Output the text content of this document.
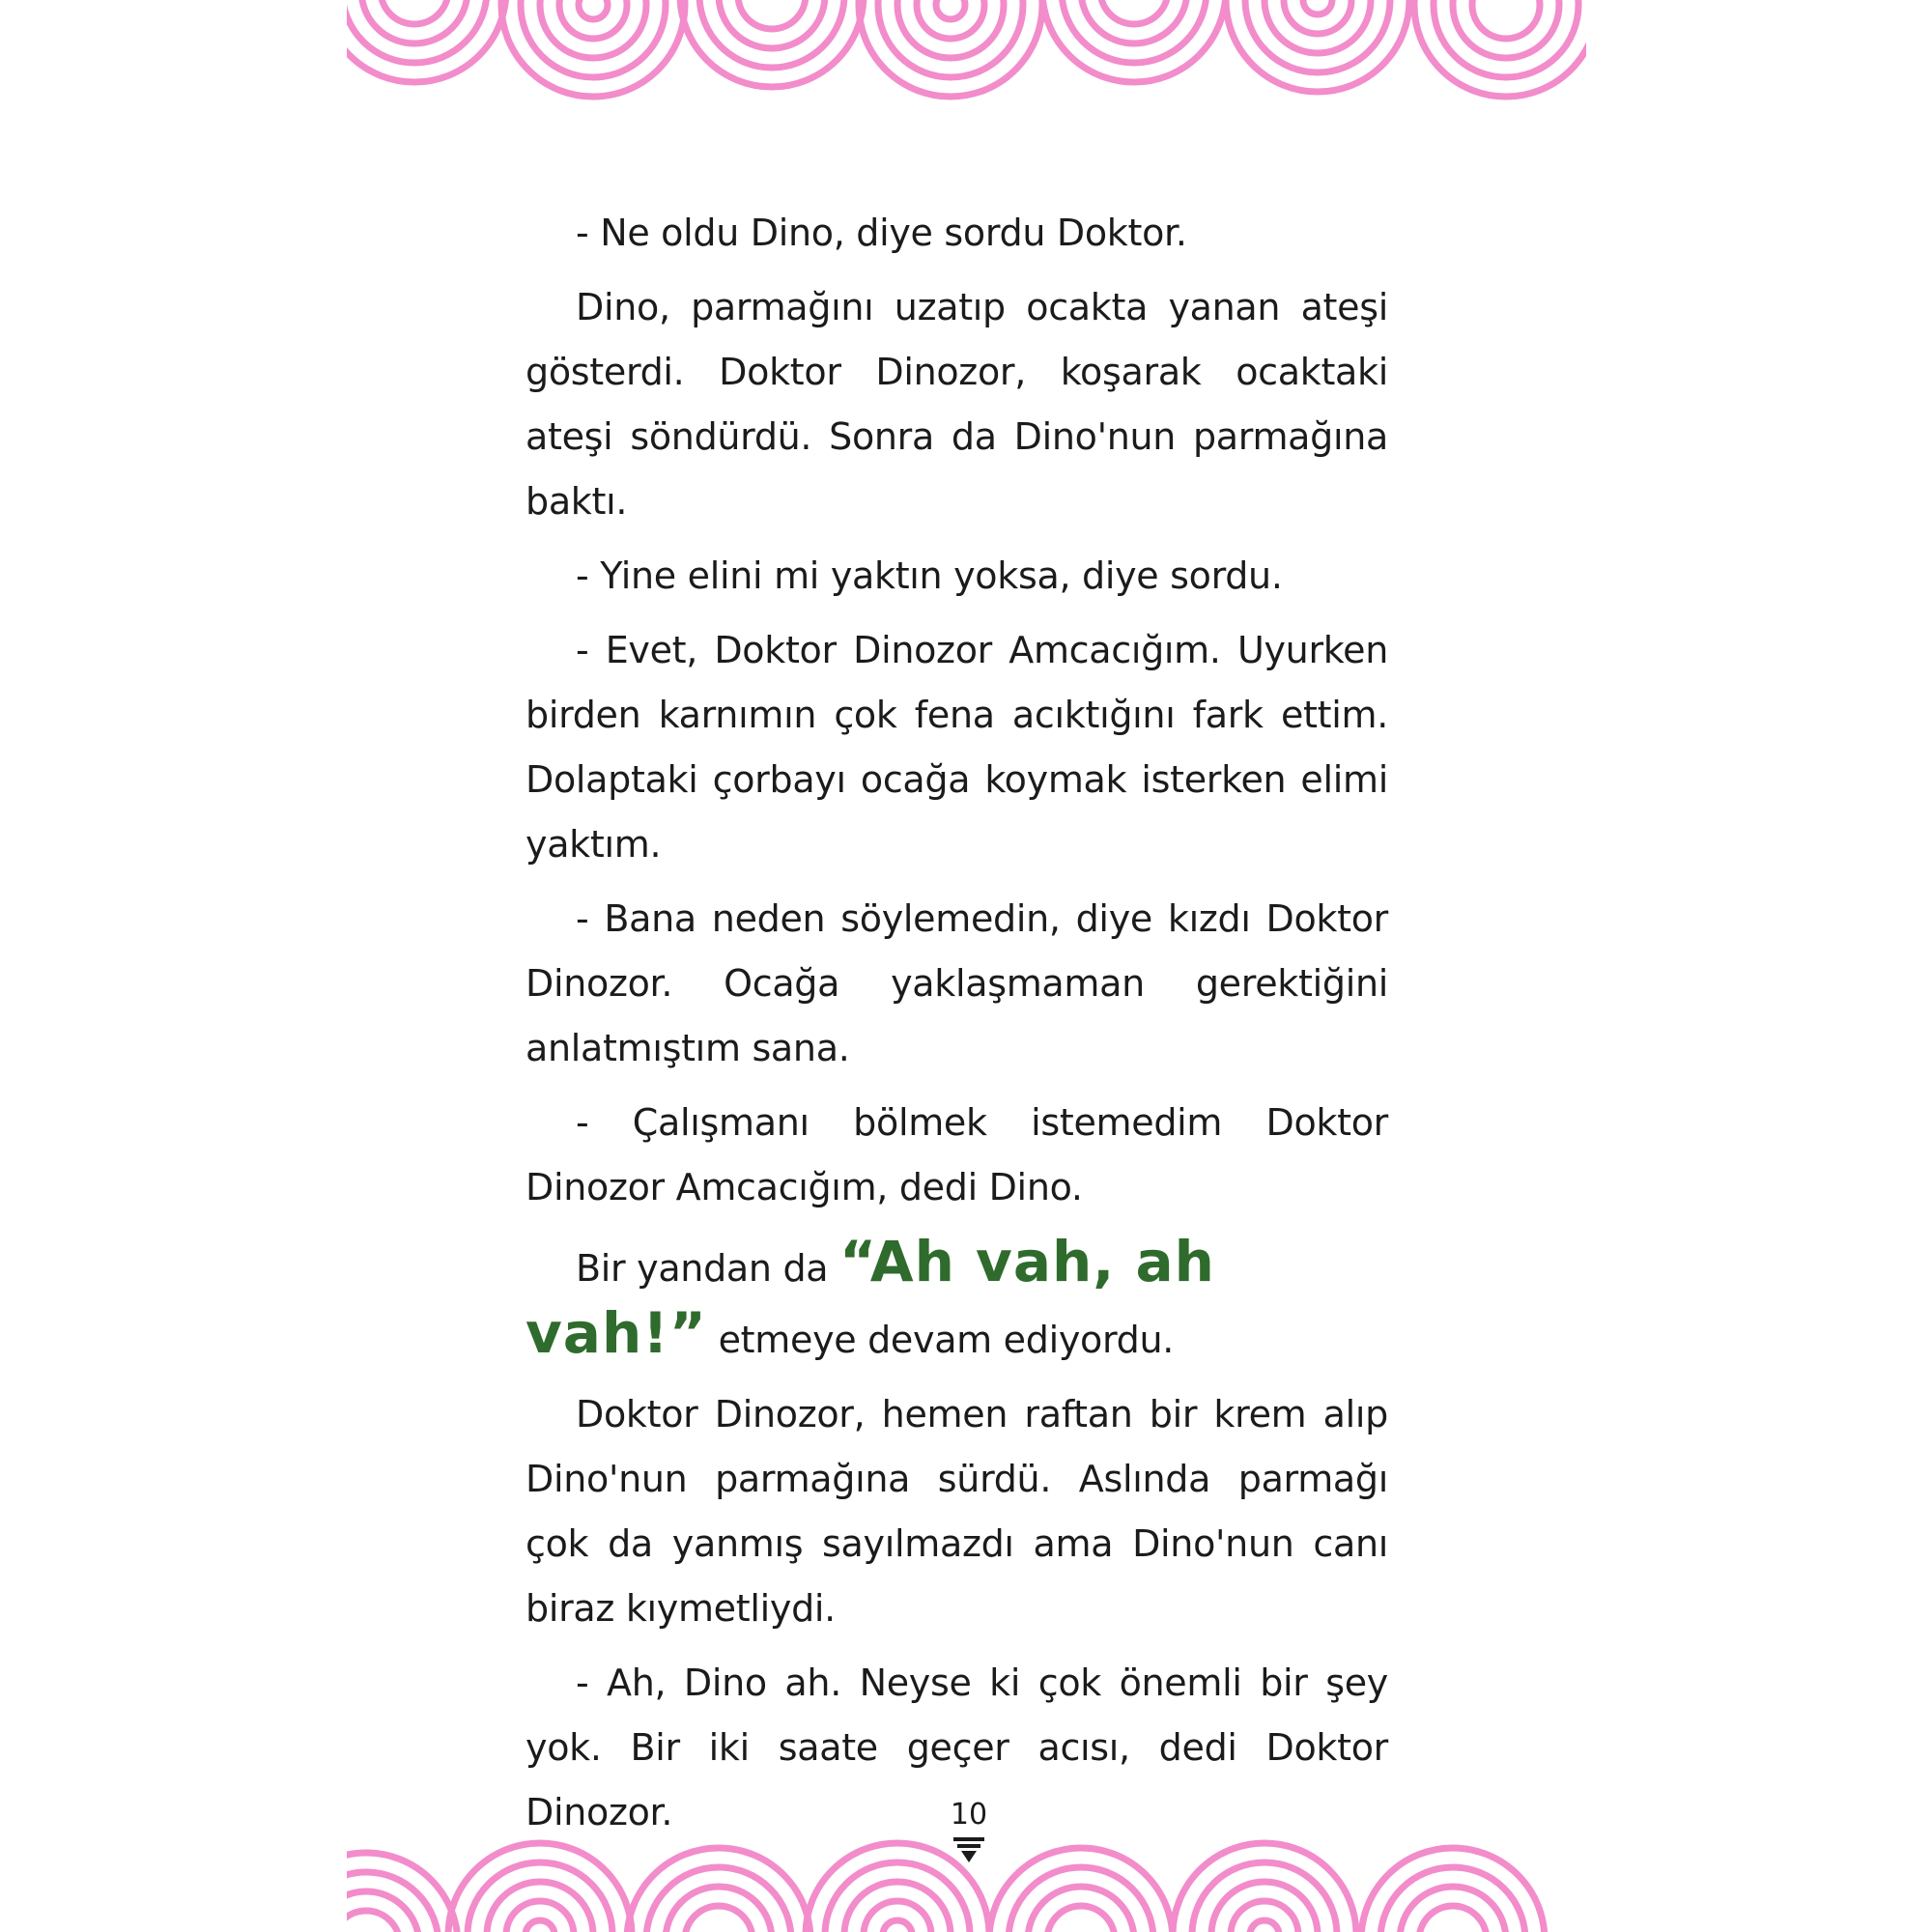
- Ne oldu Dino, diye sordu Doktor.

Dino, parmağını uzatıp ocakta yanan ateşi gösterdi. Doktor Dinozor, koşarak ocaktaki ateşi söndürdü. Sonra da Dino'nun parmağına baktı.

- Yine elini mi yaktın yoksa, diye sordu.

- Evet, Doktor Dinozor Amcacığım. Uyurken birden karnımın çok fena acıktığını fark ettim. Dolaptaki çorbayı ocağa koymak isterken elimi yaktım.

- Bana neden söylemedin, diye kızdı Doktor Dinozor. Ocağa yaklaşmaman gerektiğini anlatmıştım sana.

- Çalışmanı bölmek istemedim Doktor Dinozor Amcacığım, dedi Dino.

Bir yandan da “Ah vah, ah vah!” etmeye devam ediyordu.

Doktor Dinozor, hemen raftan bir krem alıp Dino'nun parmağına sürdü. Aslında parmağı çok da yanmış sayılmazdı ama Dino'nun canı biraz kıymetliydi.

- Ah, Dino ah. Neyse ki çok önemli bir şey yok. Bir iki saate geçer acısı, dedi Doktor Dinozor.	10
